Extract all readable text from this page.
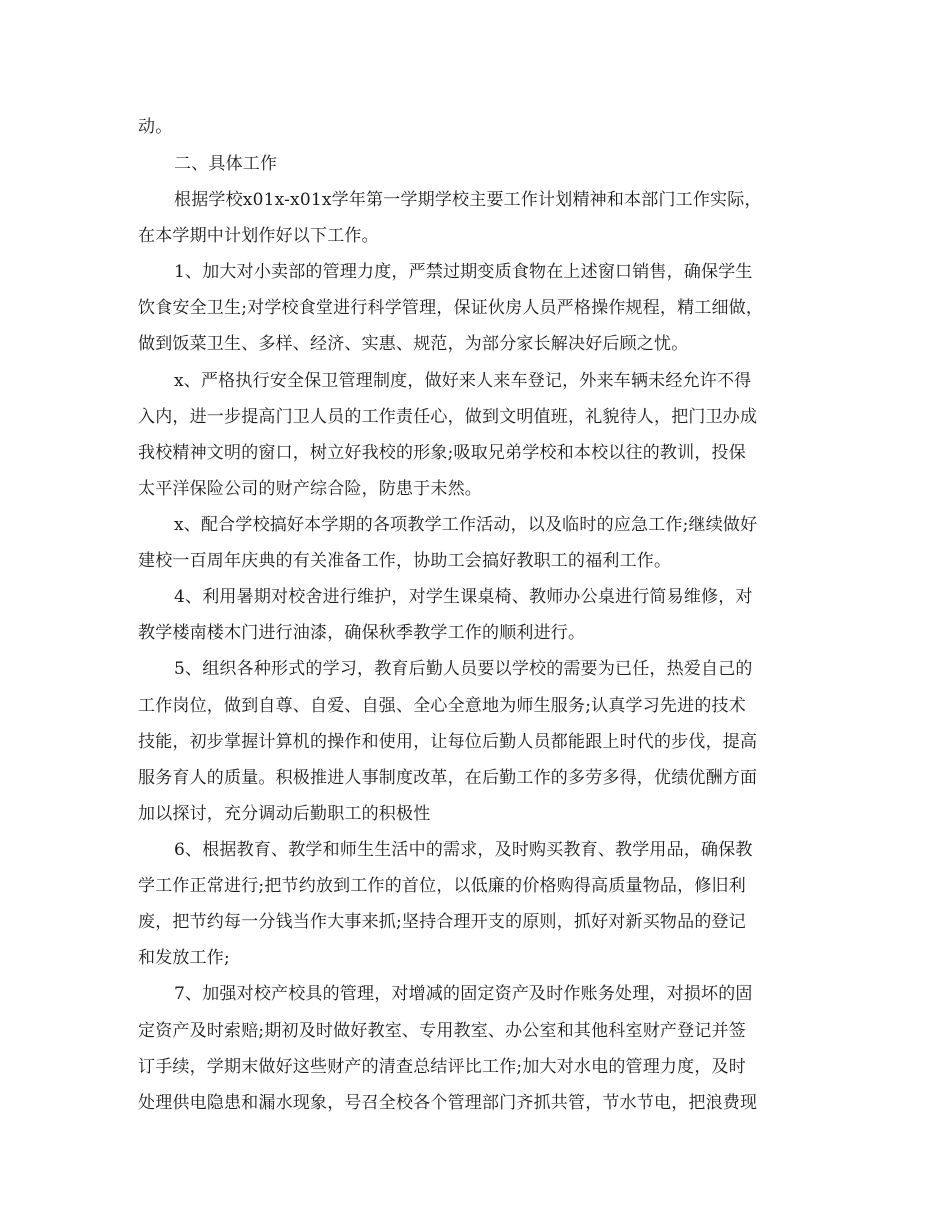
动。
二、具体工作
根据学校x01x-x01x学年第一学期学校主要工作计划精神和本部门工作实际，
在本学期中计划作好以下工作。
1、加大对小卖部的管理力度，严禁过期变质食物在上述窗口销售，确保学生
饮食安全卫生;对学校食堂进行科学管理，保证伙房人员严格操作规程，精工细做，
做到饭菜卫生、多样、经济、实惠、规范，为部分家长解决好后顾之忧。
x、严格执行安全保卫管理制度，做好来人来车登记，外来车辆未经允许不得
入内，进一步提高门卫人员的工作责任心，做到文明值班，礼貌待人，把门卫办成
我校精神文明的窗口，树立好我校的形象;吸取兄弟学校和本校以往的教训，投保
太平洋保险公司的财产综合险，防患于未然。
x、配合学校搞好本学期的各项教学工作活动，以及临时的应急工作;继续做好
建校一百周年庆典的有关准备工作，协助工会搞好教职工的福利工作。
4、利用暑期对校舍进行维护，对学生课桌椅、教师办公桌进行简易维修，对
教学楼南楼木门进行油漆，确保秋季教学工作的顺利进行。
5、组织各种形式的学习，教育后勤人员要以学校的需要为已任，热爱自己的
工作岗位，做到自尊、自爱、自强、全心全意地为师生服务;认真学习先进的技术
技能，初步掌握计算机的操作和使用，让每位后勤人员都能跟上时代的步伐，提高
服务育人的质量。积极推进人事制度改革，在后勤工作的多劳多得，优绩优酬方面
加以探讨，充分调动后勤职工的积极性
6、根据教育、教学和师生生活中的需求，及时购买教育、教学用品，确保教
学工作正常进行;把节约放到工作的首位，以低廉的价格购得高质量物品，修旧利
废，把节约每一分钱当作大事来抓;坚持合理开支的原则，抓好对新买物品的登记
和发放工作;
7、加强对校产校具的管理，对增减的固定资产及时作账务处理，对损坏的固
定资产及时索赔;期初及时做好教室、专用教室、办公室和其他科室财产登记并签
订手续，学期末做好这些财产的清查总结评比工作;加大对水电的管理力度，及时
处理供电隐患和漏水现象，号召全校各个管理部门齐抓共管，节水节电，把浪费现
